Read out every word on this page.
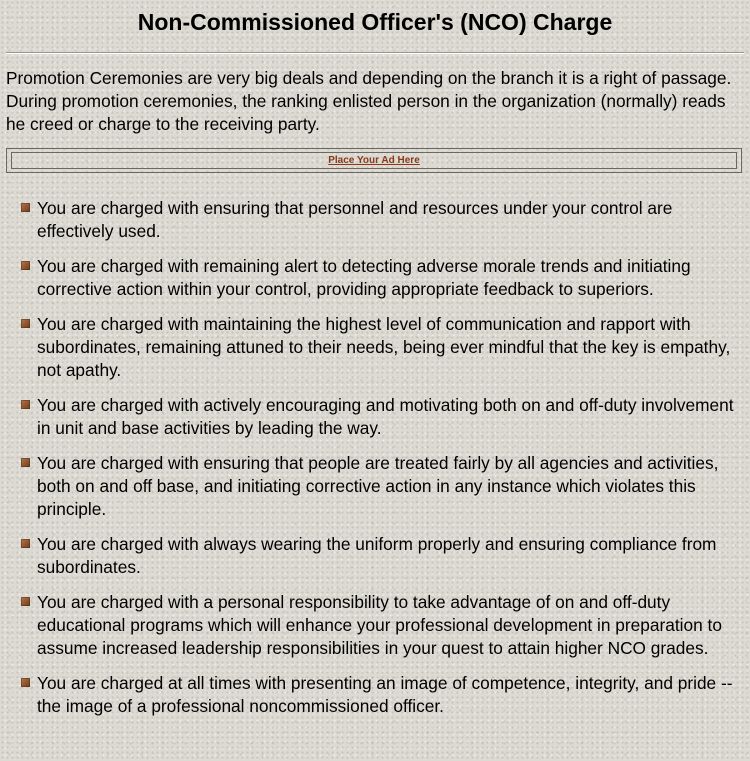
Non-Commissioned Officer's (NCO) Charge

Promotion Ceremonies are very big deals and depending on the branch it is a right of passage. During promotion ceremonies, the ranking enlisted person in the organization (normally) reads he creed or charge to the receiving party.

Place Your Ad Here
You are charged with ensuring that personnel and resources under your control are effectively used.
You are charged with remaining alert to detecting adverse morale trends and initiating corrective action within your control, providing appropriate feedback to superiors.
You are charged with maintaining the highest level of communication and rapport with subordinates, remaining attuned to their needs, being ever mindful that the key is empathy, not apathy.
You are charged with actively encouraging and motivating both on and off-duty involvement in unit and base activities by leading the way.
You are charged with ensuring that people are treated fairly by all agencies and activities, both on and off base, and initiating corrective action in any instance which violates this principle.
You are charged with always wearing the uniform properly and ensuring compliance from subordinates.
You are charged with a personal responsibility to take advantage of on and off-duty educational programs which will enhance your professional development in preparation to assume increased leadership responsibilities in your quest to attain higher NCO grades.
You are charged at all times with presenting an image of competence, integrity, and pride -- the image of a professional noncommissioned officer.
